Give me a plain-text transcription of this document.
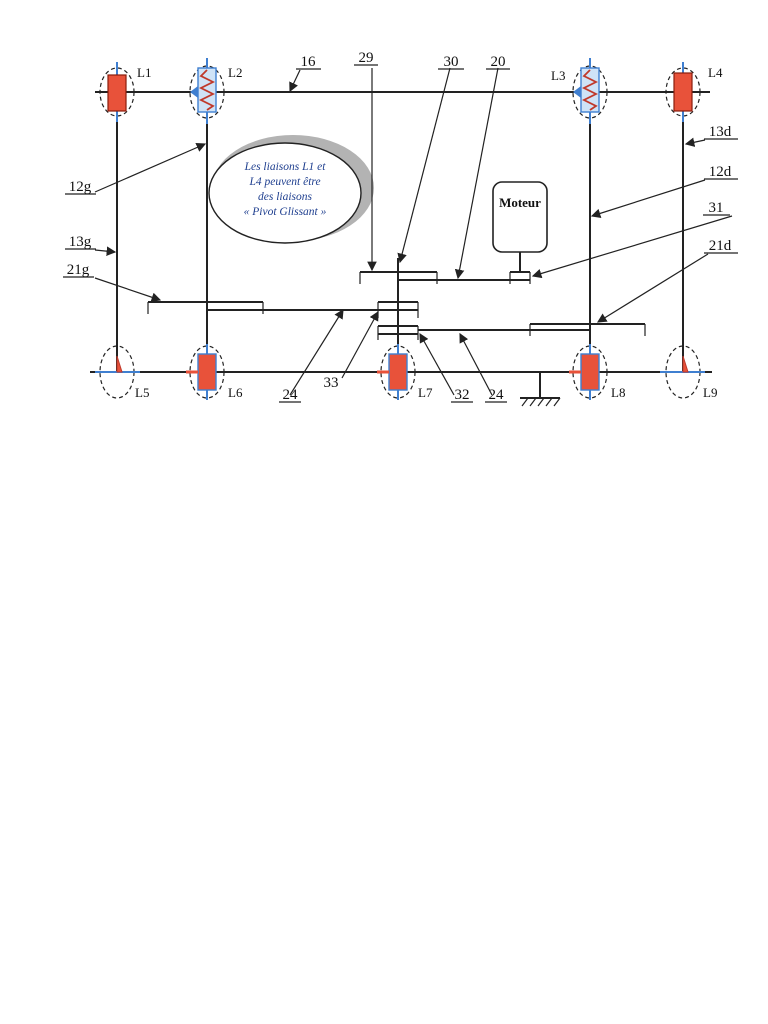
Moteur
L1	L2	L3	L4
L5	L6	L7	L8	L9
Les liaisons L1 et
L4 peuvent être
des liaisons
« Pivot Glissant »
16	29	30 20
13d
12d
31
21d
12g
13g
21g
24
33
32 24
